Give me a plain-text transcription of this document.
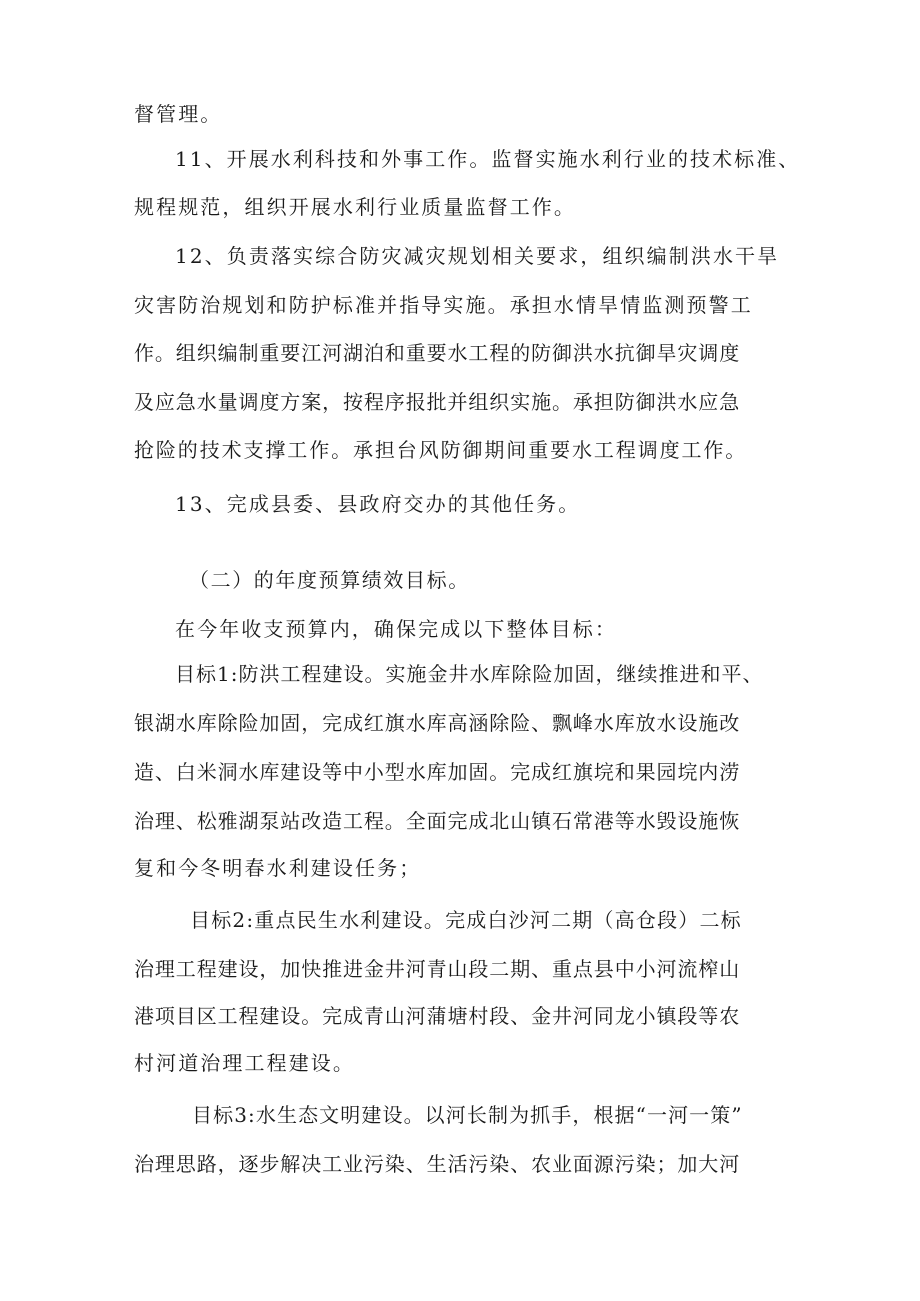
督管理。
11、开展水利科技和外事工作。监督实施水利行业的技术标准、
规程规范，组织开展水利行业质量监督工作。
12、负责落实综合防灾减灾规划相关要求，组织编制洪水干旱
灾害防治规划和防护标准并指导实施。承担水情旱情监测预警工
作。组织编制重要江河湖泊和重要水工程的防御洪水抗御旱灾调度
及应急水量调度方案，按程序报批并组织实施。承担防御洪水应急
抢险的技术支撑工作。承担台风防御期间重要水工程调度工作。
13、完成县委、县政府交办的其他任务。
（二）的年度预算绩效目标。
在今年收支预算内，确保完成以下整体目标：
目标1:防洪工程建设。实施金井水库除险加固，继续推进和平、
银湖水库除险加固，完成红旗水库高涵除险、飘峰水库放水设施改
造、白米洞水库建设等中小型水库加固。完成红旗垸和果园垸内涝
治理、松雅湖泵站改造工程。全面完成北山镇石常港等水毁设施恢
复和今冬明春水利建设任务；
目标2:重点民生水利建设。完成白沙河二期（高仓段）二标
治理工程建设，加快推进金井河青山段二期、重点县中小河流榨山
港项目区工程建设。完成青山河蒲塘村段、金井河同龙小镇段等农
村河道治理工程建设。
目标3:水生态文明建设。以河长制为抓手，根据“一河一策”
治理思路，逐步解决工业污染、生活污染、农业面源污染；加大河
